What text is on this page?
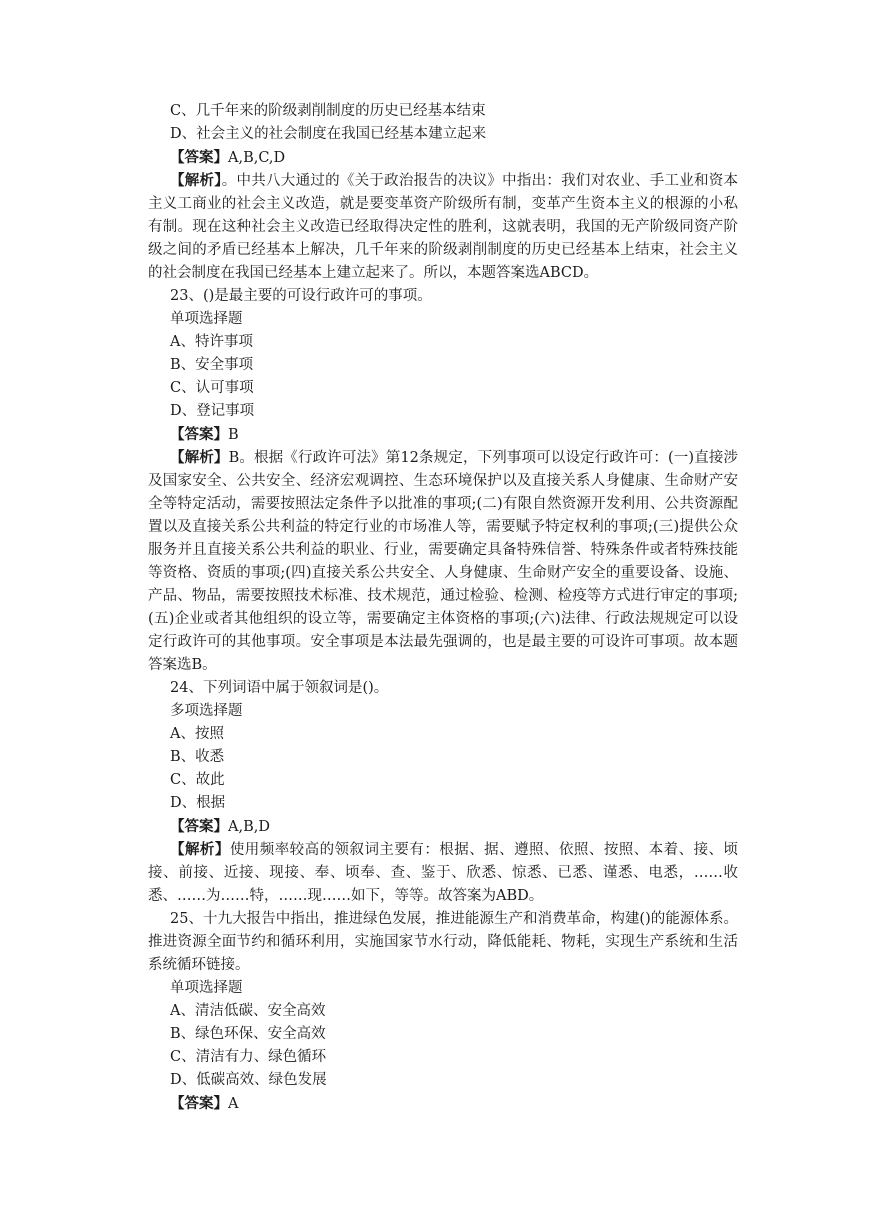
C、几千年来的阶级剥削制度的历史已经基本结束
D、社会主义的社会制度在我国已经基本建立起来
【答案】A,B,C,D

【解析】。中共八大通过的《关于政治报告的决议》中指出：我们对农业、手工业和资本主义工商业的社会主义改造，就是要变革资产阶级所有制，变革产生资本主义的根源的小私有制。现在这种社会主义改造已经取得决定性的胜利，这就表明，我国的无产阶级同资产阶级之间的矛盾已经基本上解决，几千年来的阶级剥削制度的历史已经基本上结束，社会主义的社会制度在我国已经基本上建立起来了。所以，本题答案选ABCD。

23、()是最主要的可设行政许可的事项。
单项选择题
A、特许事项
B、安全事项
C、认可事项
D、登记事项
【答案】B

【解析】B。根据《行政许可法》第12条规定，下列事项可以设定行政许可：(一)直接涉及国家安全、公共安全、经济宏观调控、生态环境保护以及直接关系人身健康、生命财产安全等特定活动，需要按照法定条件予以批准的事项;(二)有限自然资源开发利用、公共资源配置以及直接关系公共利益的特定行业的市场准人等，需要赋予特定权利的事项;(三)提供公众服务并且直接关系公共利益的职业、行业，需要确定具备特殊信誉、特殊条件或者特殊技能等资格、资质的事项;(四)直接关系公共安全、人身健康、生命财产安全的重要设备、设施、产品、物品，需要按照技术标准、技术规范，通过检验、检测、检疫等方式进行审定的事项;(五)企业或者其他组织的设立等，需要确定主体资格的事项;(六)法律、行政法规规定可以设定行政许可的其他事项。安全事项是本法最先强调的，也是最主要的可设许可事项。故本题答案选B。

24、下列词语中属于领叙词是()。
多项选择题
A、按照
B、收悉
C、故此
D、根据
【答案】A,B,D

【解析】使用频率较高的领叙词主要有：根据、据、遵照、依照、按照、本着、接、顷接、前接、近接、现接、奉、顷奉、查、鉴于、欣悉、惊悉、已悉、谨悉、电悉，……收悉、……为……特，……现……如下，等等。故答案为ABD。

25、十九大报告中指出，推进绿色发展，推进能源生产和消费革命，构建()的能源体系。推进资源全面节约和循环利用，实施国家节水行动，降低能耗、物耗，实现生产系统和生活系统循环链接。

单项选择题
A、清洁低碳、安全高效
B、绿色环保、安全高效
C、清洁有力、绿色循环
D、低碳高效、绿色发展
【答案】A
